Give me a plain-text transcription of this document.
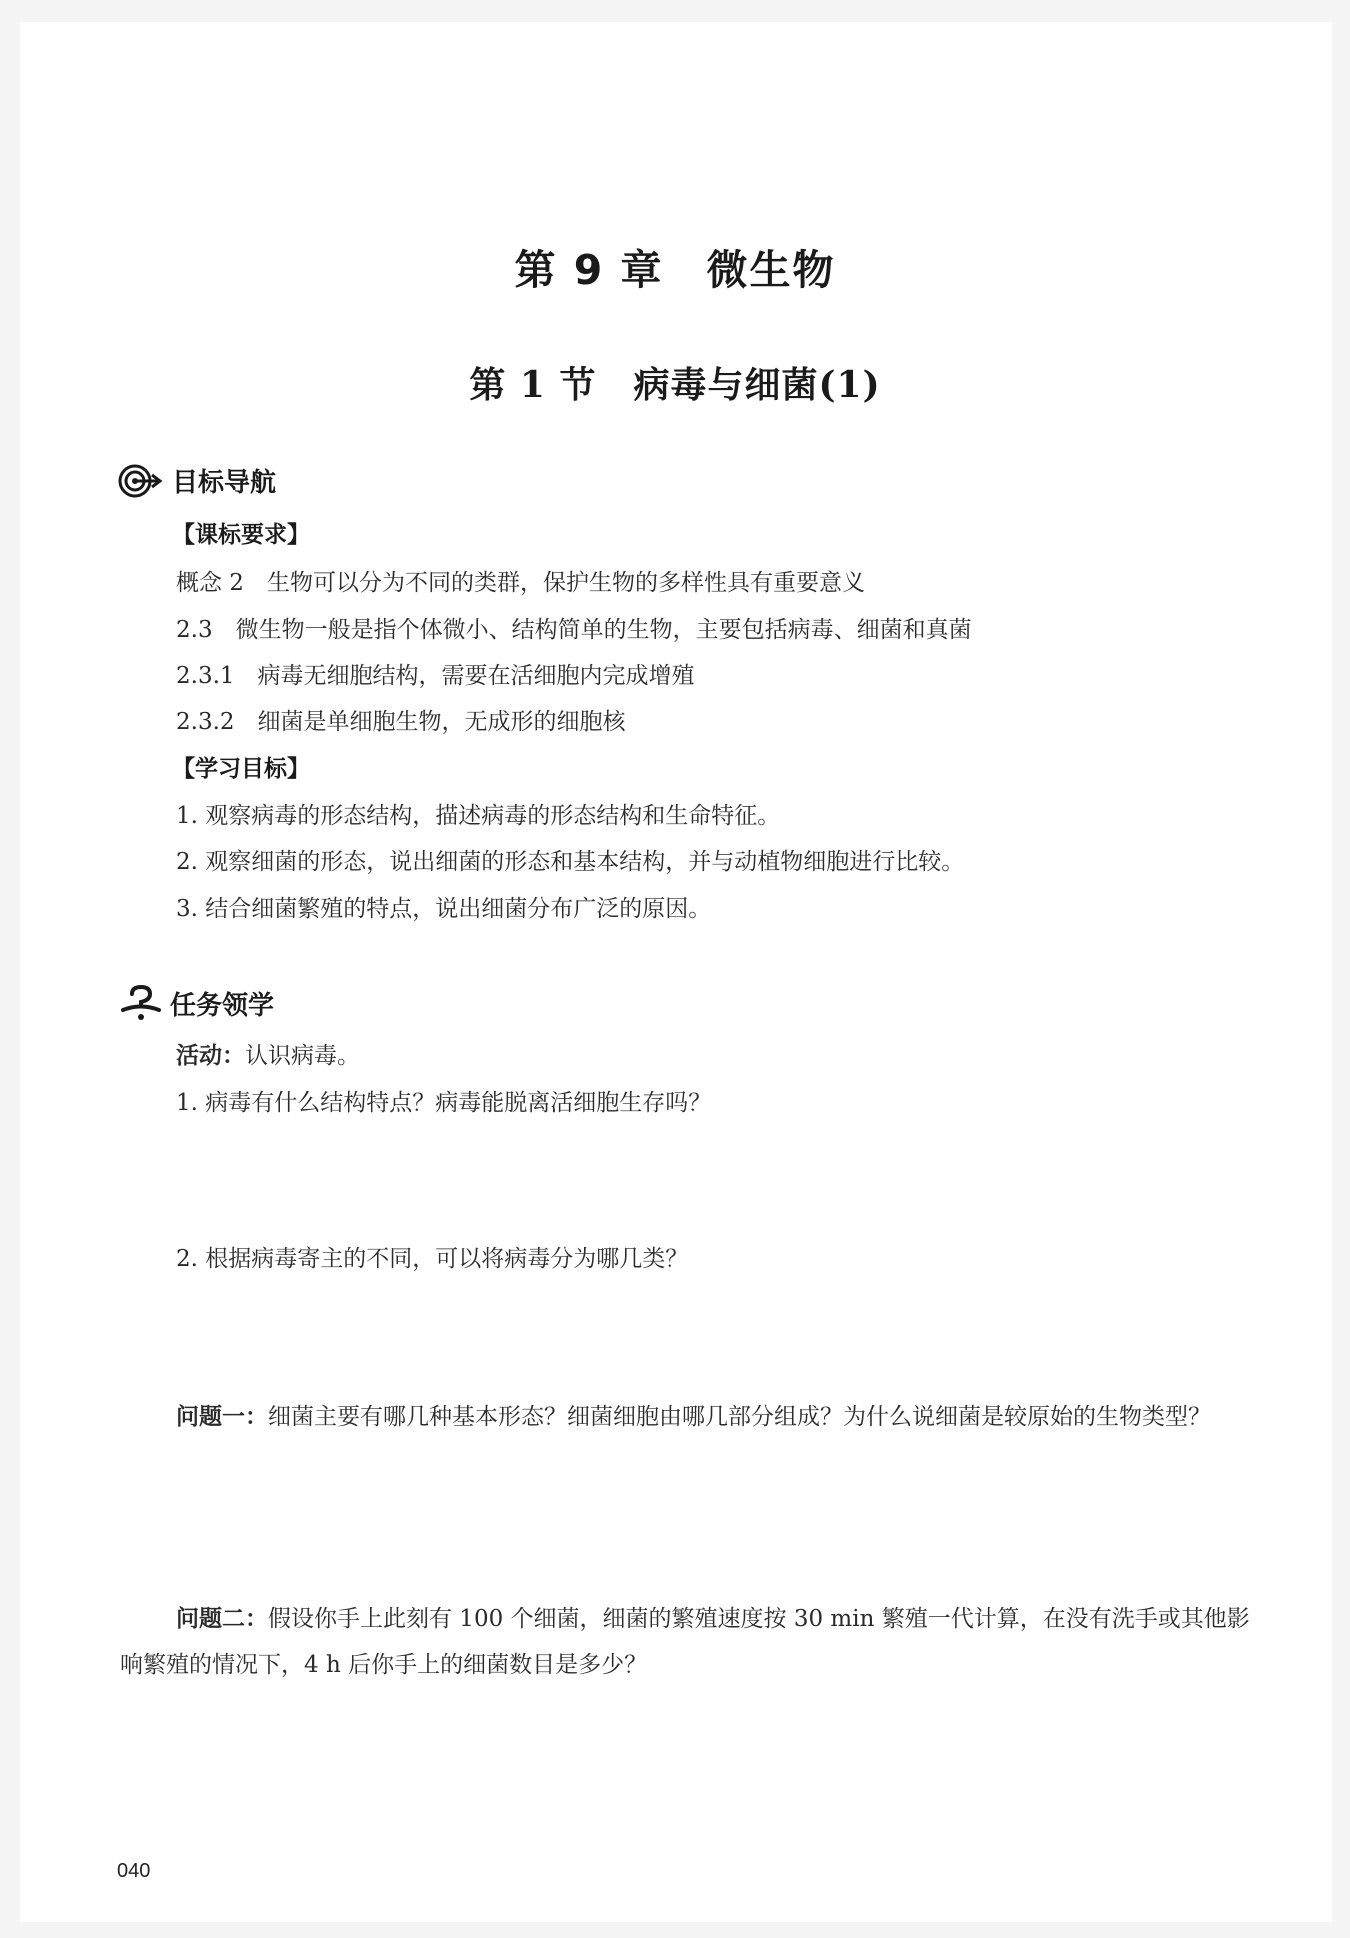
第 9 章　微生物
第 1 节　病毒与细菌(1)
目标导航
【课标要求】
概念 2　生物可以分为不同的类群，保护生物的多样性具有重要意义
2.3　微生物一般是指个体微小、结构简单的生物，主要包括病毒、细菌和真菌
2.3.1　病毒无细胞结构，需要在活细胞内完成增殖
2.3.2　细菌是单细胞生物，无成形的细胞核
【学习目标】
1. 观察病毒的形态结构，描述病毒的形态结构和生命特征。
2. 观察细菌的形态，说出细菌的形态和基本结构，并与动植物细胞进行比较。
3. 结合细菌繁殖的特点，说出细菌分布广泛的原因。
任务领学
活动：认识病毒。
1. 病毒有什么结构特点？病毒能脱离活细胞生存吗？
2. 根据病毒寄主的不同，可以将病毒分为哪几类？
问题一：细菌主要有哪几种基本形态？细菌细胞由哪几部分组成？为什么说细菌是较原始的生物类型？
问题二：假设你手上此刻有 100 个细菌，细菌的繁殖速度按 30 min 繁殖一代计算，在没有洗手或其他影响繁殖的情况下，4 h 后你手上的细菌数目是多少？
040
